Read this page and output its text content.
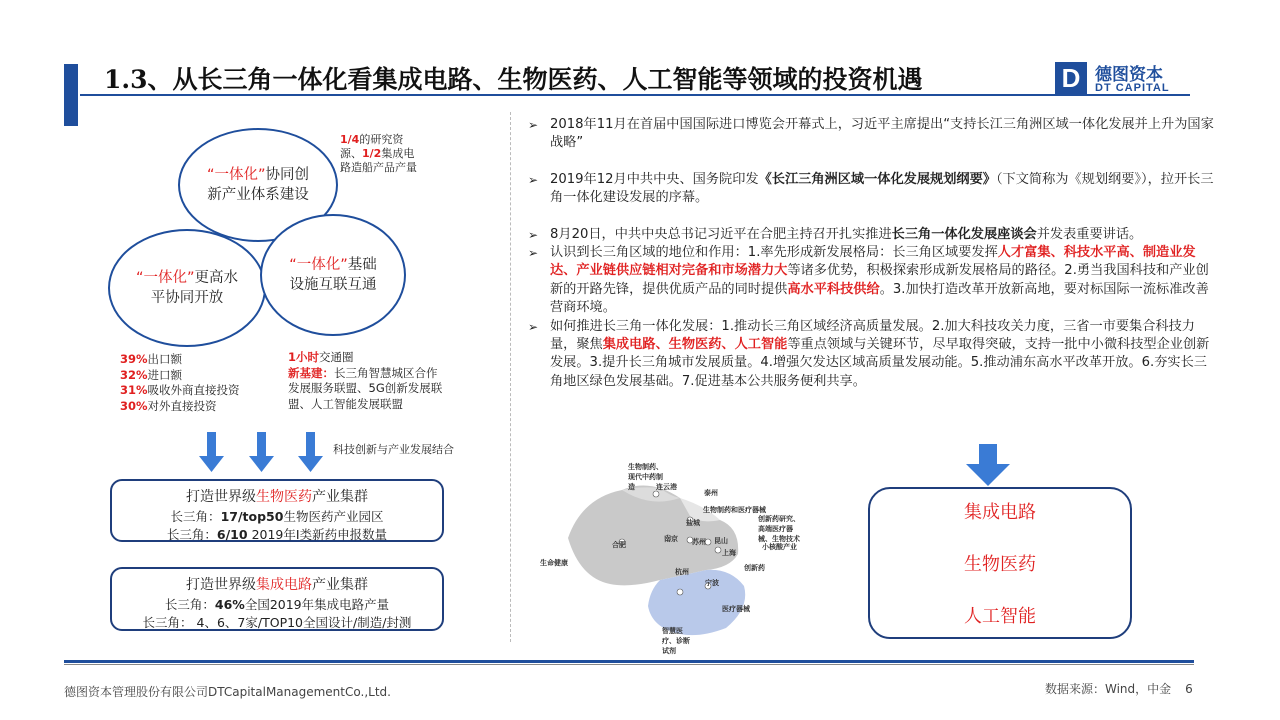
1.3、从长三角一体化看集成电路、生物医药、人工智能等领域的投资机遇	D 德图资本
DT CAPITAL
“一体化”协同创新产业体系建设
“一体化”更高水平协同开放
“一体化”基础设施互联互通
1/4的研究资源、1/2集成电路造船产品产量
39%出口额
32%进口额
31%吸收外商直接投资
30%对外直接投资
1小时交通圈
新基建：长三角智慧城区合作发展服务联盟、5G创新发展联盟、人工智能发展联盟
科技创新与产业发展结合
打造世界级生物医药产业集群
长三角：17/top50生物医药产业园区
长三角：6/10 2019年I类新药申报数量
打造世界级集成电路产业集群
长三角：46%全国2019年集成电路产量
长三角： 4、6、7家/TOP10全国设计/制造/封测
➢ 2018年11月在首届中国国际进口博览会开幕式上，习近平主席提出“支持长江三角洲区域一体化发展并上升为国家战略”
➢ 2019年12月中共中央、国务院印发《长江三角洲区域一体化发展规划纲要》（下文简称为《规划纲要》），拉开长三角一体化建设发展的序幕。
➢ 8月20日，中共中央总书记习近平在合肥主持召开扎实推进长三角一体化发展座谈会并发表重要讲话。
➢ 认识到长三角区域的地位和作用：1.率先形成新发展格局：长三角区域要发挥人才富集、科技水平高、制造业发达、产业链供应链相对完备和市场潜力大等诸多优势，积极探索形成新发展格局的路径。2.勇当我国科技和产业创新的开路先锋，提供优质产品的同时提供高水平科技供给。3.加快打造改革开放新高地，要对标国际一流标准改善营商环境。
➢ 如何推进长三角一体化发展：1.推动长三角区域经济高质量发展。2.加大科技攻关力度，三省一市要集合科技力量，聚焦集成电路、生物医药、人工智能等重点领域与关键环节，尽早取得突破，支持一批中小微科技型企业创新发展。3.提升长三角城市发展质量。4.增强欠发达区域高质量发展动能。5.推动浦东高水平改革开放。6.夯实长三角地区绿色发展基础。7.促进基本公共服务便利共享。
生物制药、现代中药制造	连云港
泰州
生物制药和医疗器械
盐城
南京 苏州 昆山
合肥
上海
杭州
宁波
创新药研究、高端医疗器械、生物技术
小核酸产业
生命健康
创新药
医疗器械
智慧医疗、诊断试剂
集成电路
生物医药
人工智能
德图资本管理股份有限公司DTCapitalManagementCo.,Ltd.	数据来源：Wind，中金 6
